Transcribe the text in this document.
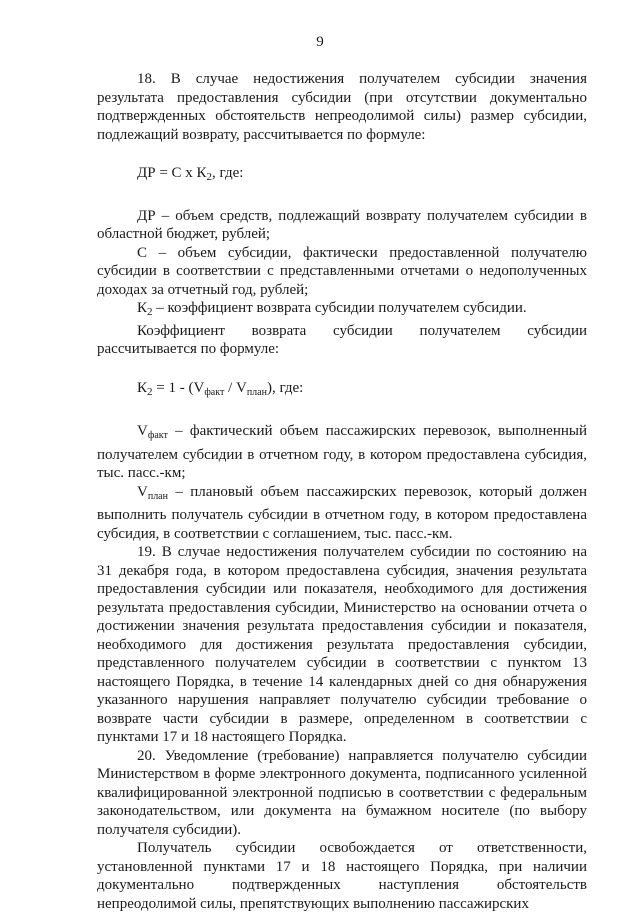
9

18. В случае недостижения получателем субсидии значения результата предоставления субсидии (при отсутствии документально подтвержденных обстоятельств непреодолимой силы) размер субсидии, подлежащий возврату, рассчитывается по формуле:

ДР = С х $К_2$, где:

ДР – объем средств, подлежащий возврату получателем субсидии в областной бюджет, рублей;

С – объем субсидии, фактически предоставленной получателю субсидии в соответствии с представленными отчетами о недополученных доходах за отчетный год, рублей;

$К_2$ – коэффициент возврата субсидии получателем субсидии.

Коэффициент возврата субсидии получателем субсидии рассчитывается по формуле:

$К_2 = 1 - (V_{факт} / V_{план})$, где:

$V_{факт}$ – фактический объем пассажирских перевозок, выполненный получателем субсидии в отчетном году, в котором предоставлена субсидия, тыс. пасс.-км;

$V_{план}$ – плановый объем пассажирских перевозок, который должен выполнить получатель субсидии в отчетном году, в котором предоставлена субсидия, в соответствии с соглашением, тыс. пасс.-км.

19. В случае недостижения получателем субсидии по состоянию на 31 декабря года, в котором предоставлена субсидия, значения результата предоставления субсидии или показателя, необходимого для достижения результата предоставления субсидии, Министерство на основании отчета о достижении значения результата предоставления субсидии и показателя, необходимого для достижения результата предоставления субсидии, представленного получателем субсидии в соответствии с пунктом 13 настоящего Порядка, в течение 14 календарных дней со дня обнаружения указанного нарушения направляет получателю субсидии требование о возврате части субсидии в размере, определенном в соответствии с пунктами 17 и 18 настоящего Порядка.

20. Уведомление (требование) направляется получателю субсидии Министерством в форме электронного документа, подписанного усиленной квалифицированной электронной подписью в соответствии с федеральным законодательством, или документа на бумажном носителе (по выбору получателя субсидии).

Получатель субсидии освобождается от ответственности, установленной пунктами 17 и 18 настоящего Порядка, при наличии документально подтвержденных наступления обстоятельств непреодолимой силы, препятствующих выполнению пассажирских
